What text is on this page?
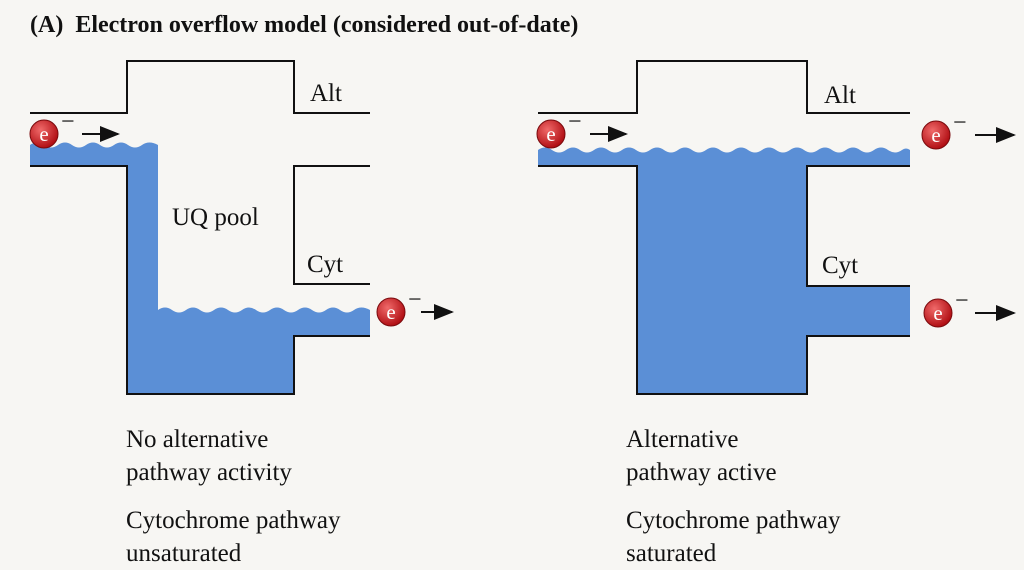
(A) Electron overflow model (considered out-of-date)
Alt
UQ pool
Cyt
e −
e −
Alt
Cyt
e −	e −
e −
No alternative
pathway activity
Cytochrome pathway
unsaturated
Alternative
pathway active
Cytochrome pathway
saturated
